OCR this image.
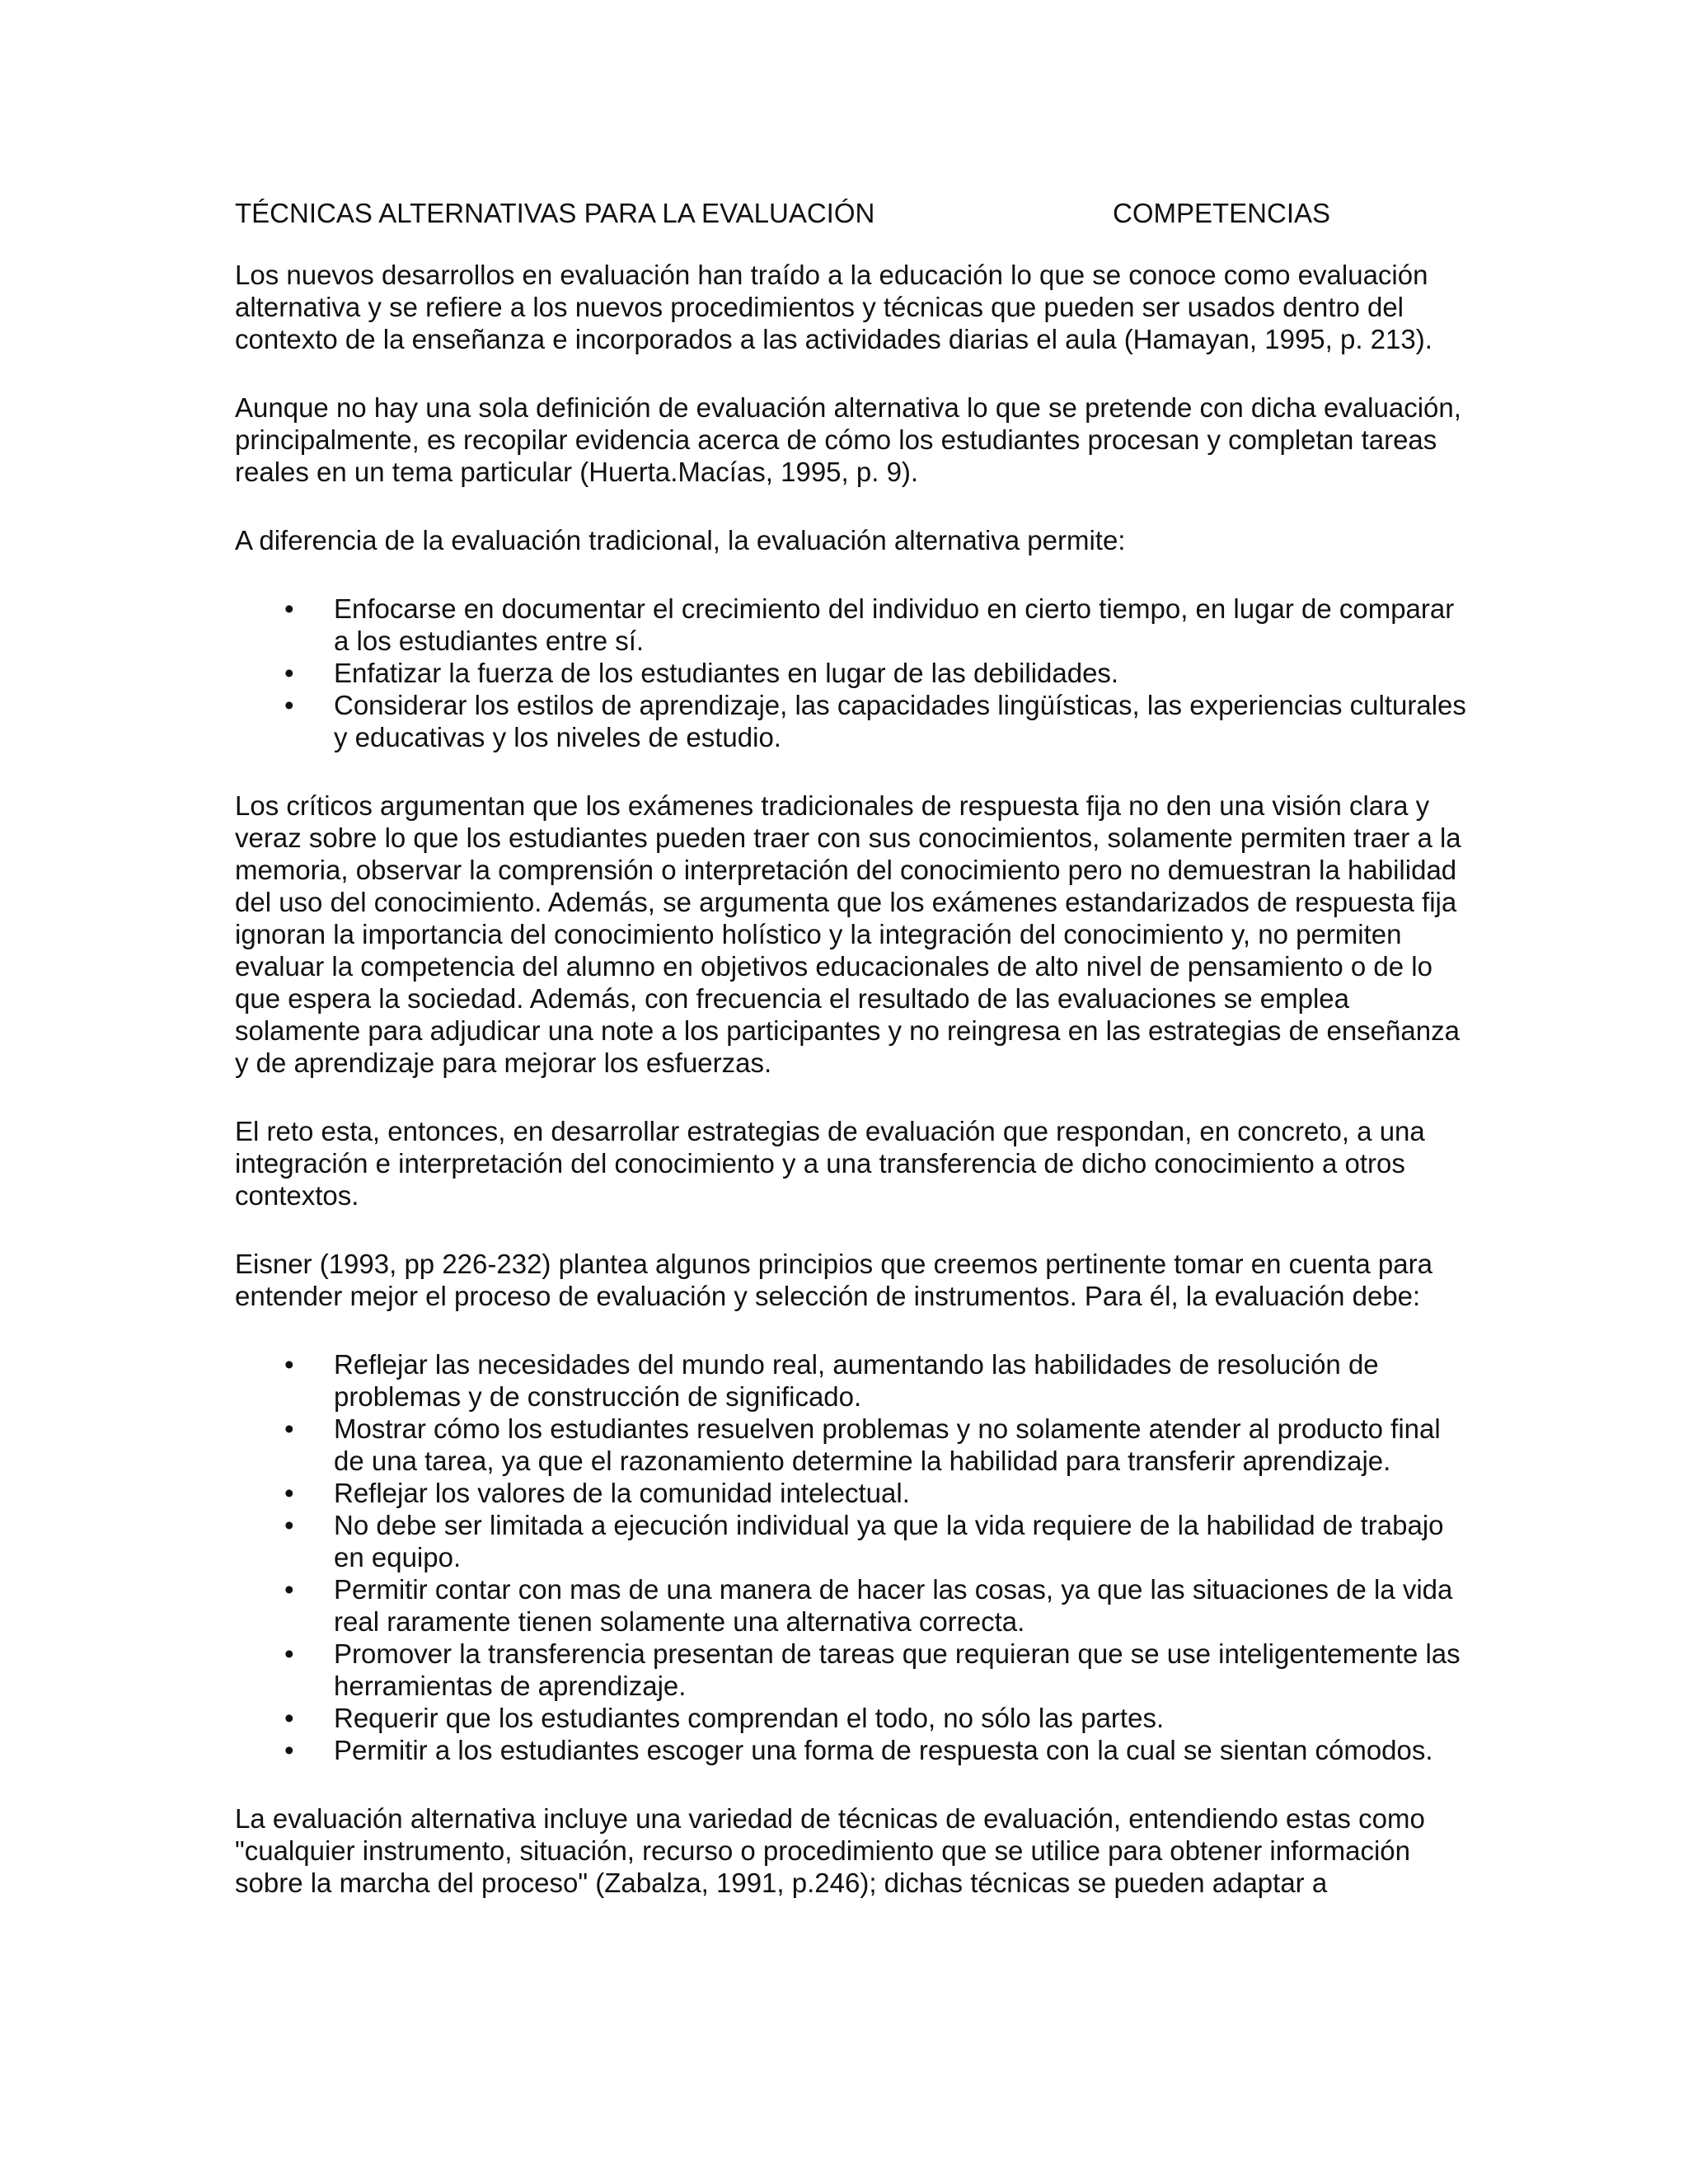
TÉCNICAS ALTERNATIVAS PARA LA EVALUACIÓN	COMPETENCIAS

Los nuevos desarrollos en evaluación han traído a la educación lo que se conoce como evaluación alternativa y se refiere a los nuevos procedimientos y técnicas que pueden ser usados dentro del contexto de la enseñanza e incorporados a las actividades diarias el aula (Hamayan, 1995, p. 213).

Aunque no hay una sola definición de evaluación alternativa lo que se pretende con dicha evaluación, principalmente, es recopilar evidencia acerca de cómo los estudiantes procesan y completan tareas reales en un tema particular (Huerta.Macías, 1995, p. 9).

A diferencia de la evaluación tradicional, la evaluación alternativa permite:

• Enfocarse en documentar el crecimiento del individuo en cierto tiempo, en lugar de comparar a los estudiantes entre sí.
• Enfatizar la fuerza de los estudiantes en lugar de las debilidades.
• Considerar los estilos de aprendizaje, las capacidades lingüísticas, las experiencias culturales y educativas y los niveles de estudio.

Los críticos argumentan que los exámenes tradicionales de respuesta fija no den una visión clara y veraz sobre lo que los estudiantes pueden traer con sus conocimientos, solamente permiten traer a la memoria, observar la comprensión o interpretación del conocimiento pero no demuestran la habilidad del uso del conocimiento. Además, se argumenta que los exámenes estandarizados de respuesta fija ignoran la importancia del conocimiento holístico y la integración del conocimiento y, no permiten evaluar la competencia del alumno en objetivos educacionales de alto nivel de pensamiento o de lo que espera la sociedad. Además, con frecuencia el resultado de las evaluaciones se emplea solamente para adjudicar una note a los participantes y no reingresa en las estrategias de enseñanza y de aprendizaje para mejorar los esfuerzas.

El reto esta, entonces, en desarrollar estrategias de evaluación que respondan, en concreto, a una integración e interpretación del conocimiento y a una transferencia de dicho conocimiento a otros contextos.

Eisner (1993, pp 226-232) plantea algunos principios que creemos pertinente tomar en cuenta para entender mejor el proceso de evaluación y selección de instrumentos. Para él, la evaluación debe:

• Reflejar las necesidades del mundo real, aumentando las habilidades de resolución de problemas y de construcción de significado.
• Mostrar cómo los estudiantes resuelven problemas y no solamente atender al producto final de una tarea, ya que el razonamiento determine la habilidad para transferir aprendizaje.
• Reflejar los valores de la comunidad intelectual.
• No debe ser limitada a ejecución individual ya que la vida requiere de la habilidad de trabajo en equipo.
• Permitir contar con mas de una manera de hacer las cosas, ya que las situaciones de la vida real raramente tienen solamente una alternativa correcta.
• Promover la transferencia presentan de tareas que requieran que se use inteligentemente las herramientas de aprendizaje.
• Requerir que los estudiantes comprendan el todo, no sólo las partes.
• Permitir a los estudiantes escoger una forma de respuesta con la cual se sientan cómodos.

La evaluación alternativa incluye una variedad de técnicas de evaluación, entendiendo estas como "cualquier instrumento, situación, recurso o procedimiento que se utilice para obtener información sobre la marcha del proceso" (Zabalza, 1991, p.246); dichas técnicas se pueden adaptar a
